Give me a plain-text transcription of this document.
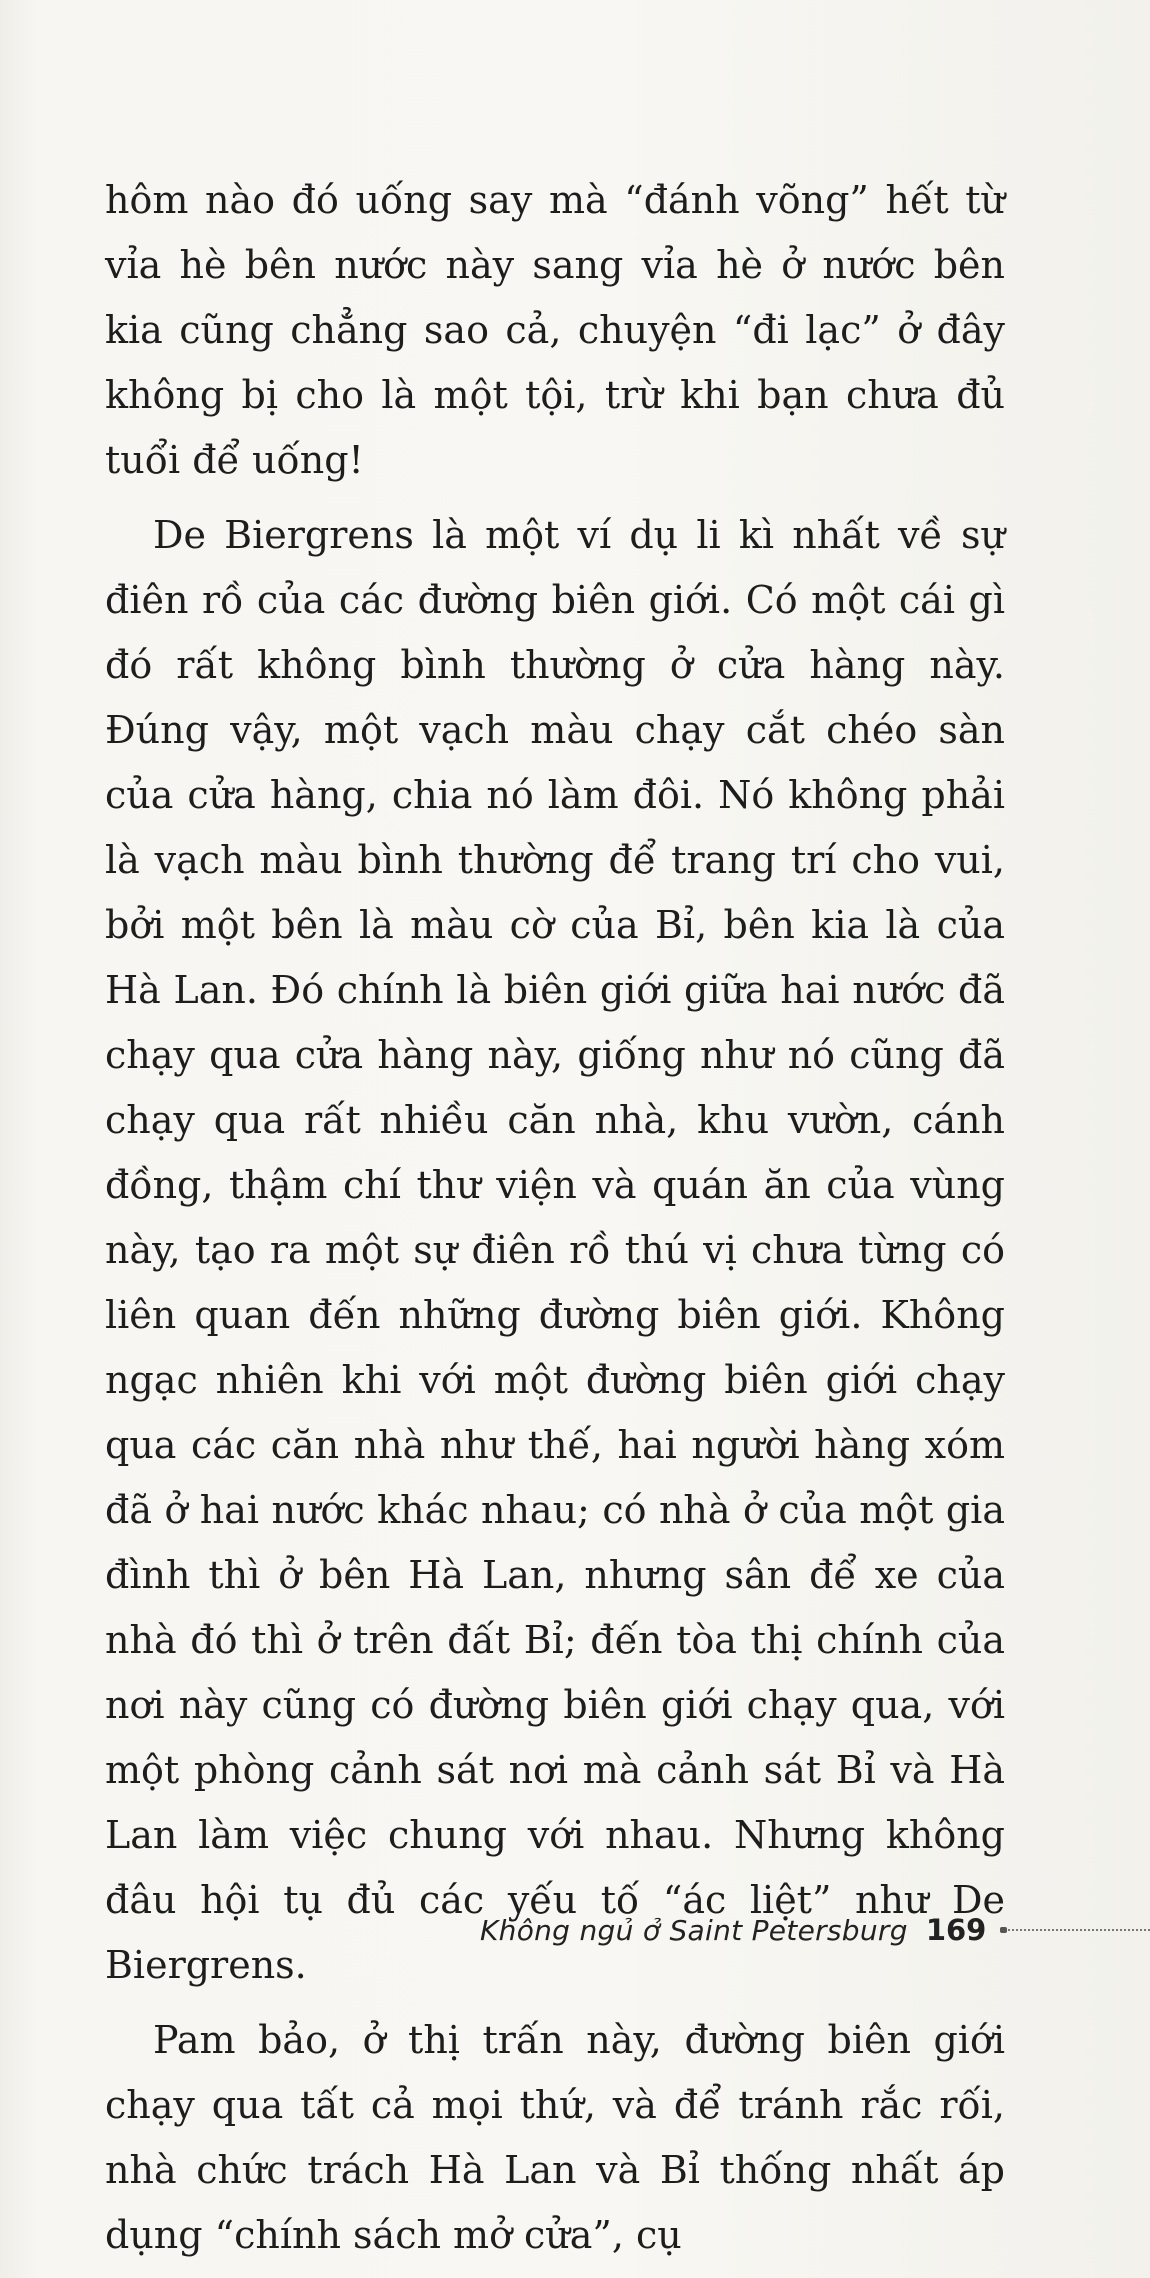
hôm nào đó uống say mà “đánh võng” hết từ vỉa hè bên nước này sang vỉa hè ở nước bên kia cũng chẳng sao cả, chuyện “đi lạc” ở đây không bị cho là một tội, trừ khi bạn chưa đủ tuổi để uống!

De Biergrens là một ví dụ li kì nhất về sự điên rồ của các đường biên giới. Có một cái gì đó rất không bình thường ở cửa hàng này. Đúng vậy, một vạch màu chạy cắt chéo sàn của cửa hàng, chia nó làm đôi. Nó không phải là vạch màu bình thường để trang trí cho vui, bởi một bên là màu cờ của Bỉ, bên kia là của Hà Lan. Đó chính là biên giới giữa hai nước đã chạy qua cửa hàng này, giống như nó cũng đã chạy qua rất nhiều căn nhà, khu vườn, cánh đồng, thậm chí thư viện và quán ăn của vùng này, tạo ra một sự điên rồ thú vị chưa từng có liên quan đến những đường biên giới. Không ngạc nhiên khi với một đường biên giới chạy qua các căn nhà như thế, hai người hàng xóm đã ở hai nước khác nhau; có nhà ở của một gia đình thì ở bên Hà Lan, nhưng sân để xe của nhà đó thì ở trên đất Bỉ; đến tòa thị chính của nơi này cũng có đường biên giới chạy qua, với một phòng cảnh sát nơi mà cảnh sát Bỉ và Hà Lan làm việc chung với nhau. Nhưng không đâu hội tụ đủ các yếu tố “ác liệt” như De Biergrens.

Pam bảo, ở thị trấn này, đường biên giới chạy qua tất cả mọi thứ, và để tránh rắc rối, nhà chức trách Hà Lan và Bỉ thống nhất áp dụng “chính sách mở cửa”, cụ

Không ngủ ở Saint Petersburg 169
